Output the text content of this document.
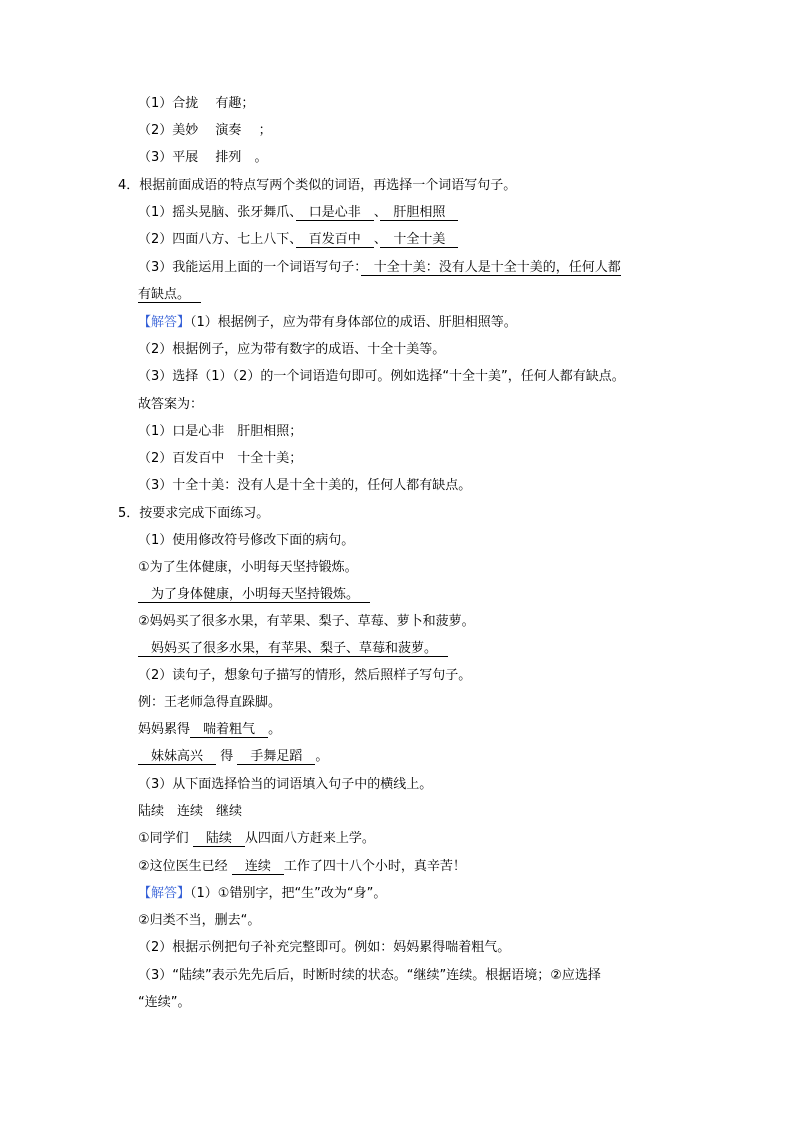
（1）合拢　 有趣；
（2）美妙　 演奏　 ；
（3）平展　 排列　 。
4．根据前面成语的特点写两个类似的词语，再选择一个词语写句子。
（1）摇头晃脑、张牙舞爪、　 口是心非　 、　 肝胆相照　
（2）四面八方、七上八下、　 百发百中　 、　 十全十美　
（3）我能运用上面的一个词语写句子：　 十全十美：没有人是十全十美的，任何人都
有缺点。　
【解答】（1）根据例子，应为带有身体部位的成语、肝胆相照等。
（2）根据例子，应为带有数字的成语、十全十美等。
（3）选择（1）（2）的一个词语造句即可。例如选择“十全十美”，任何人都有缺点。
故答案为：
（1）口是心非　 肝胆相照；
（2）百发百中　 十全十美；
（3）十全十美：没有人是十全十美的，任何人都有缺点。
5．按要求完成下面练习。
（1）使用修改符号修改下面的病句。
①为了生体健康，小明每天坚持锻炼。
　为了身体健康，小明每天坚持锻炼。　
②妈妈买了很多水果，有苹果、梨子、草莓、萝卜和菠萝。
　妈妈买了很多水果，有苹果、梨子、草莓和菠萝。　
（2）读句子，想象句子描写的情形，然后照样子写句子。
例：王老师急得直跺脚。
妈妈累得　 喘着粗气　 。
　妹妹高兴　 得 　 手舞足蹈　 。
（3）从下面选择恰当的词语填入句子中的横线上。
陆续　连续　继续
①同学们 　 陆续　 从四面八方赶来上学。
②这位医生已经 　 连续　 工作了四十八个小时，真辛苦！
【解答】（1）①错别字，把“生”改为“身”。
②归类不当，删去“。
（2）根据示例把句子补充完整即可。例如：妈妈累得喘着粗气。
（3）“陆续”表示先先后后，时断时续的状态。“继续”连续。根据语境；②应选择
“连续”。
